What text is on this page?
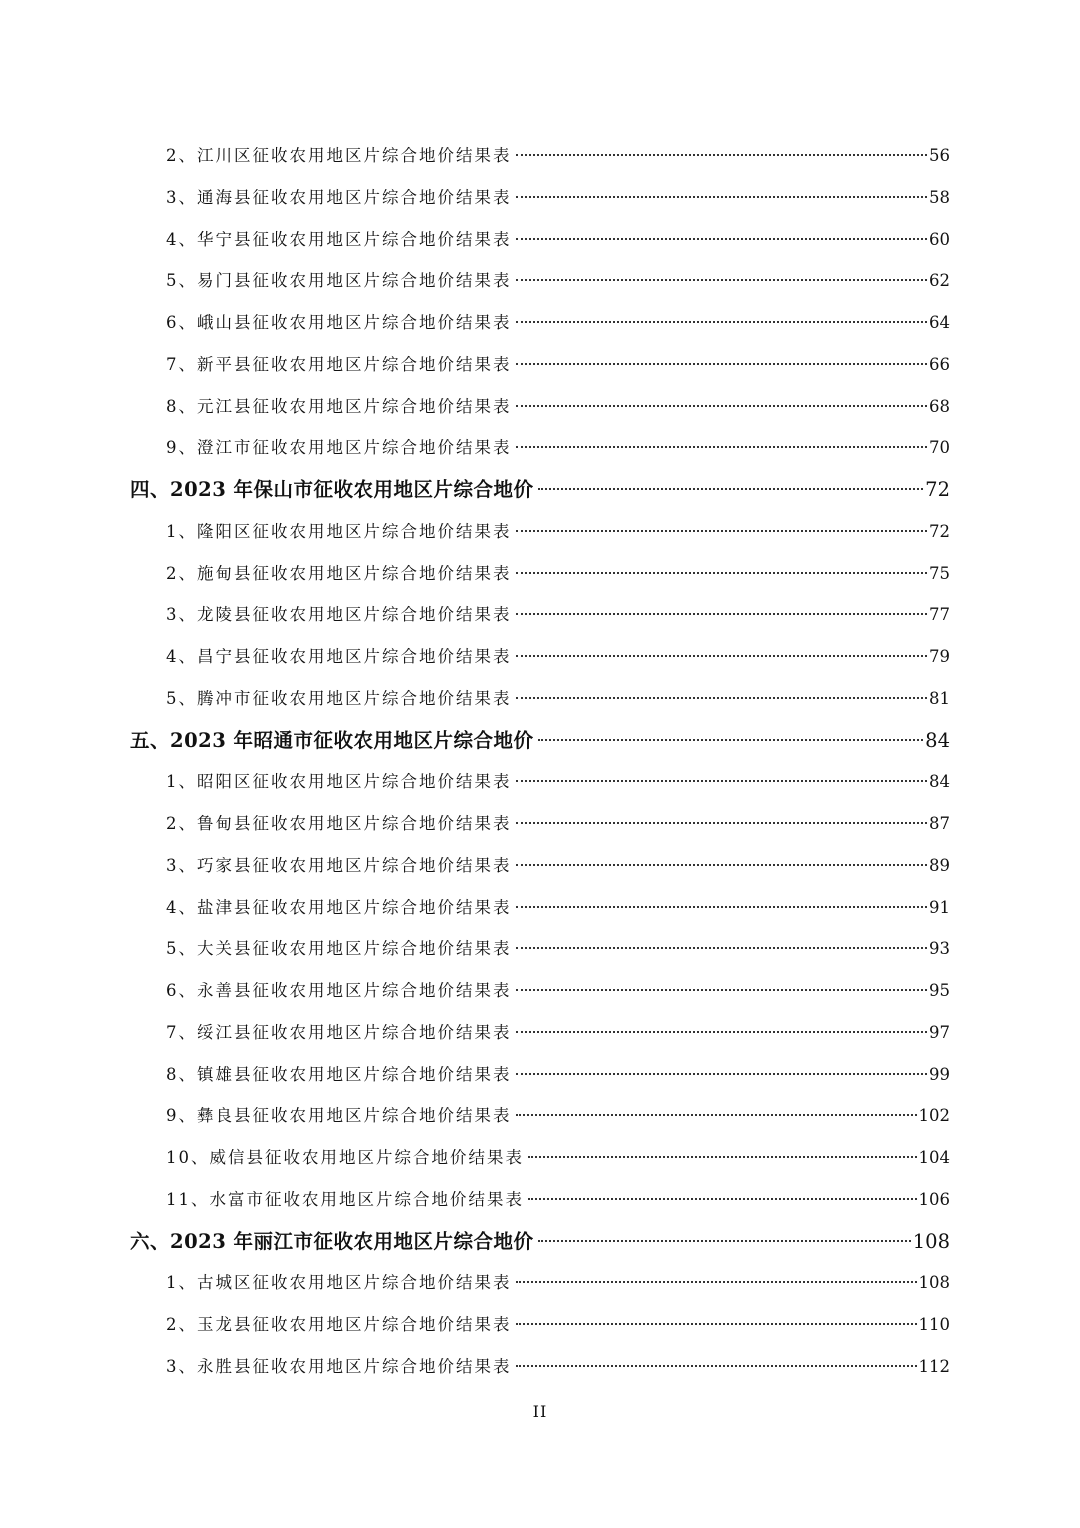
2、江川区征收农用地区片综合地价结果表	56
3、通海县征收农用地区片综合地价结果表	58
4、华宁县征收农用地区片综合地价结果表	60
5、易门县征收农用地区片综合地价结果表	62
6、峨山县征收农用地区片综合地价结果表	64
7、新平县征收农用地区片综合地价结果表	66
8、元江县征收农用地区片综合地价结果表	68
9、澄江市征收农用地区片综合地价结果表	70
四、2023 年保山市征收农用地区片综合地价	72
1、隆阳区征收农用地区片综合地价结果表	72
2、施甸县征收农用地区片综合地价结果表	75
3、龙陵县征收农用地区片综合地价结果表	77
4、昌宁县征收农用地区片综合地价结果表	79
5、腾冲市征收农用地区片综合地价结果表	81
五、2023 年昭通市征收农用地区片综合地价	84
1、昭阳区征收农用地区片综合地价结果表	84
2、鲁甸县征收农用地区片综合地价结果表	87
3、巧家县征收农用地区片综合地价结果表	89
4、盐津县征收农用地区片综合地价结果表	91
5、大关县征收农用地区片综合地价结果表	93
6、永善县征收农用地区片综合地价结果表	95
7、绥江县征收农用地区片综合地价结果表	97
8、镇雄县征收农用地区片综合地价结果表	99
9、彝良县征收农用地区片综合地价结果表	102
10、威信县征收农用地区片综合地价结果表	104
11、水富市征收农用地区片综合地价结果表	106
六、2023 年丽江市征收农用地区片综合地价	108
1、古城区征收农用地区片综合地价结果表	108
2、玉龙县征收农用地区片综合地价结果表	110
3、永胜县征收农用地区片综合地价结果表	112
II
